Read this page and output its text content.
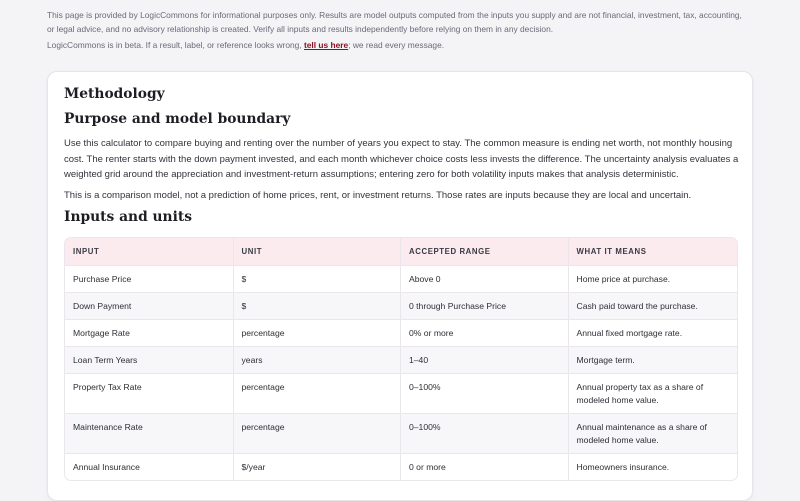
This page is provided by LogicCommons for informational purposes only. Results are model outputs computed from the inputs you supply and are not financial, investment, tax, accounting, or legal advice, and no advisory relationship is created. Verify all inputs and results independently before relying on them in any decision.
LogicCommons is in beta. If a result, label, or reference looks wrong, tell us here; we read every message.
Methodology
Purpose and model boundary

Use this calculator to compare buying and renting over the number of years you expect to stay. The common measure is ending net worth, not monthly housing cost. The renter starts with the down payment invested, and each month whichever choice costs less invests the difference. The uncertainty analysis evaluates a weighted grid around the appreciation and investment-return assumptions; entering zero for both volatility inputs makes that analysis deterministic.

This is a comparison model, not a prediction of home prices, rent, or investment returns. Those rates are inputs because they are local and uncertain.

Inputs and units
INPUT	UNIT	ACCEPTED RANGE	WHAT IT MEANS
Purchase Price	$	Above 0	Home price at purchase.
Down Payment	$	0 through Purchase Price	Cash paid toward the purchase.
Mortgage Rate	percentage	0% or more	Annual fixed mortgage rate.
Loan Term Years	years	1–40	Mortgage term.
Property Tax Rate	percentage	0–100%	Annual property tax as a share of modeled home value.
Maintenance Rate	percentage	0–100%	Annual maintenance as a share of modeled home value.
Annual Insurance	$/year	0 or more	Homeowners insurance.
